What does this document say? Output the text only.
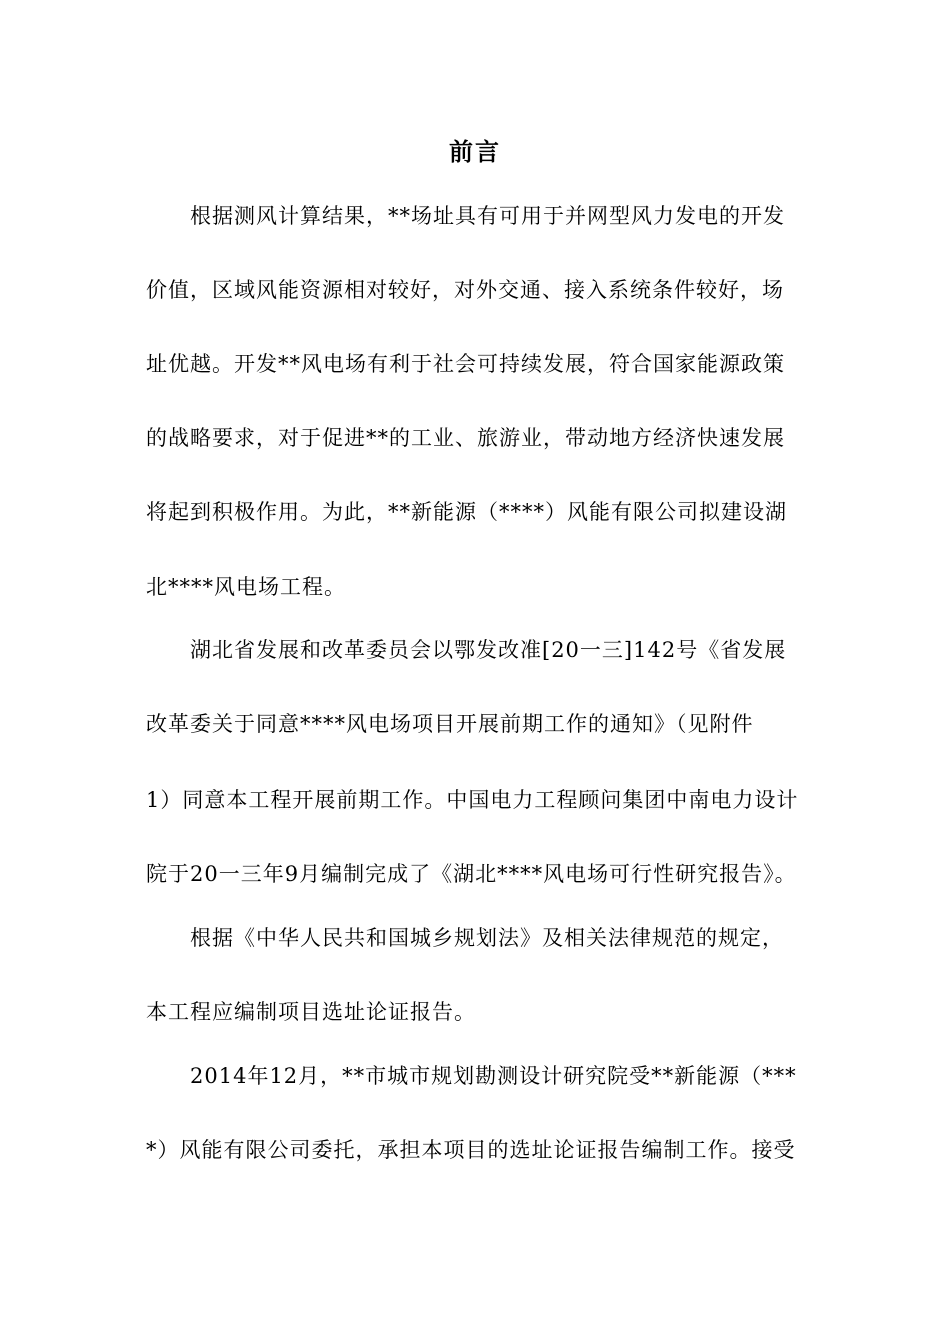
前言
根据测风计算结果，**场址具有可用于并网型风力发电的开发
价值，区域风能资源相对较好，对外交通、接入系统条件较好，场
址优越。开发**风电场有利于社会可持续发展，符合国家能源政策
的战略要求，对于促进**的工业、旅游业，带动地方经济快速发展
将起到积极作用。为此，**新能源（****）风能有限公司拟建设湖
北****风电场工程。
湖北省发展和改革委员会以鄂发改准[20一三]142号《省发展
改革委关于同意****风电场项目开展前期工作的通知》（见附件
1）同意本工程开展前期工作。中国电力工程顾问集团中南电力设计
院于20一三年9月编制完成了《湖北****风电场可行性研究报告》。
根据《中华人民共和国城乡规划法》及相关法律规范的规定，
本工程应编制项目选址论证报告。
2014年12月，**市城市规划勘测设计研究院受**新能源（***
*）风能有限公司委托，承担本项目的选址论证报告编制工作。接受
